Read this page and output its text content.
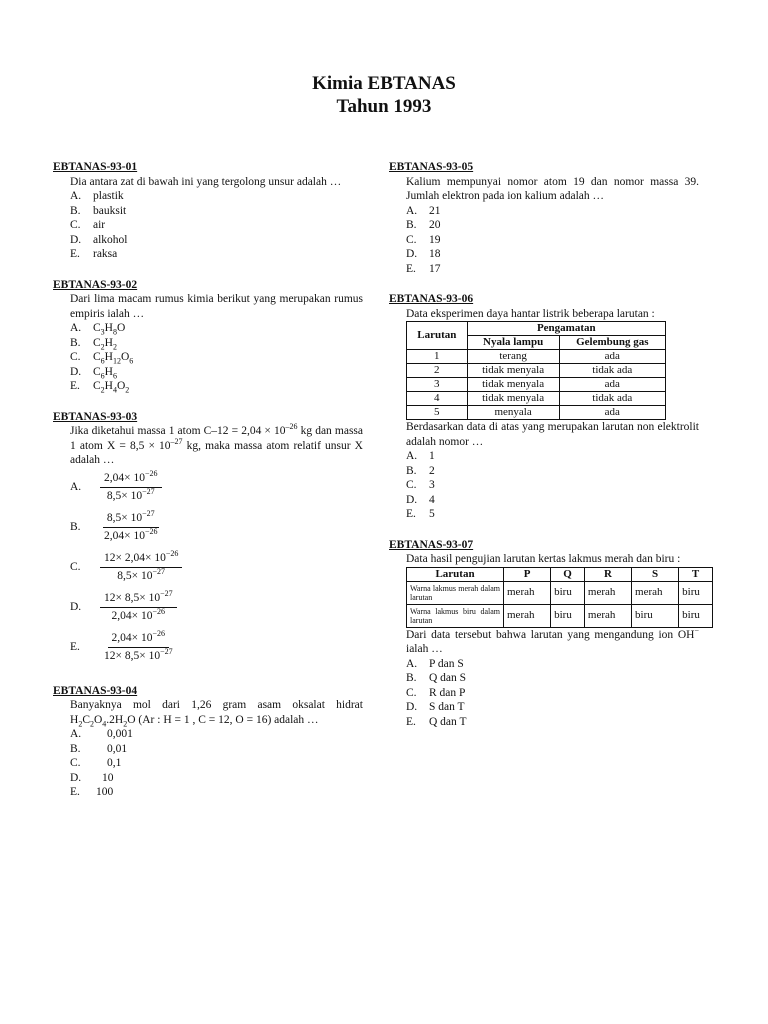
Kimia EBTANAS
Tahun 1993
EBTANAS-93-01
Dia antara zat di bawah ini yang tergolong unsur adalah …
A.	plastik
B.	bauksit
C.	air
D.	alkohol
E.	raksa
EBTANAS-93-02
Dari lima macam rumus kimia berikut yang merupakan rumus empiris ialah …
A.	$C_3H_8O$
B.	$C_2H_2$
C.	$C_6H_{12}O_6$
D.	$C_6H_6$
E.	$C_2H_4O_2$
EBTANAS-93-03
Jika diketahui massa 1 atom $C-12 = 2,04 \times 10^{-26}$ kg dan massa 1 atom $X = 8,5 \times 10^{-27}$ kg, maka massa atom relatif unsur X adalah …
A.	$\frac{2,04\times 10^{-26}}{8,5\times 10^{-27}}$
B.	$\frac{8,5\times 10^{-27}}{2,04\times 10^{-26}}$
C.	$\frac{12\times 2,04\times 10^{-26}}{8,5\times 10^{-27}}$
D.	$\frac{12\times 8,5\times 10^{-27}}{2,04\times 10^{-26}}$
E.	$\frac{2,04\times 10^{-26}}{12\times 8,5\times 10^{-27}}$
EBTANAS-93-04
Banyaknya mol dari 1,26 gram asam oksalat hidrat $H_2C_2O_4.2H_2O$ (Ar : H = 1 , C = 12, O = 16) adalah …
A.	0,001
B.	0,01
C.	0,1
D.	10
E.	100
EBTANAS-93-05
Kalium mempunyai nomor atom 19 dan nomor massa 39. Jumlah elektron pada ion kalium adalah …
A.	21
B.	20
C.	19
D.	18
E.	17
EBTANAS-93-06
Data eksperimen daya hantar listrik beberapa larutan :
Larutan	Pengamatan	
	Nyala lampu	Gelembung gas
1	terang	ada
2	tidak menyala	tidak ada
3	tidak menyala	ada
4	tidak menyala	tidak ada
5	menyala	ada
Berdasarkan data di atas yang merupakan larutan non elektrolit adalah nomor …
A.	1
B.	2
C.	3
D.	4
E.	5
EBTANAS-93-07
Data hasil pengujian larutan kertas lakmus merah dan biru :
Larutan	P	Q	R	S	T
Warna lakmus merah dalam larutan	merah	biru	merah	merah	biru
Warna lakmus biru dalam larutan	merah	biru	merah	biru	biru
Dari data tersebut bahwa larutan yang mengandung ion OH− ialah …
A.	P dan S
B.	Q dan S
C.	R dan P
D.	S dan T
E.	Q dan T
